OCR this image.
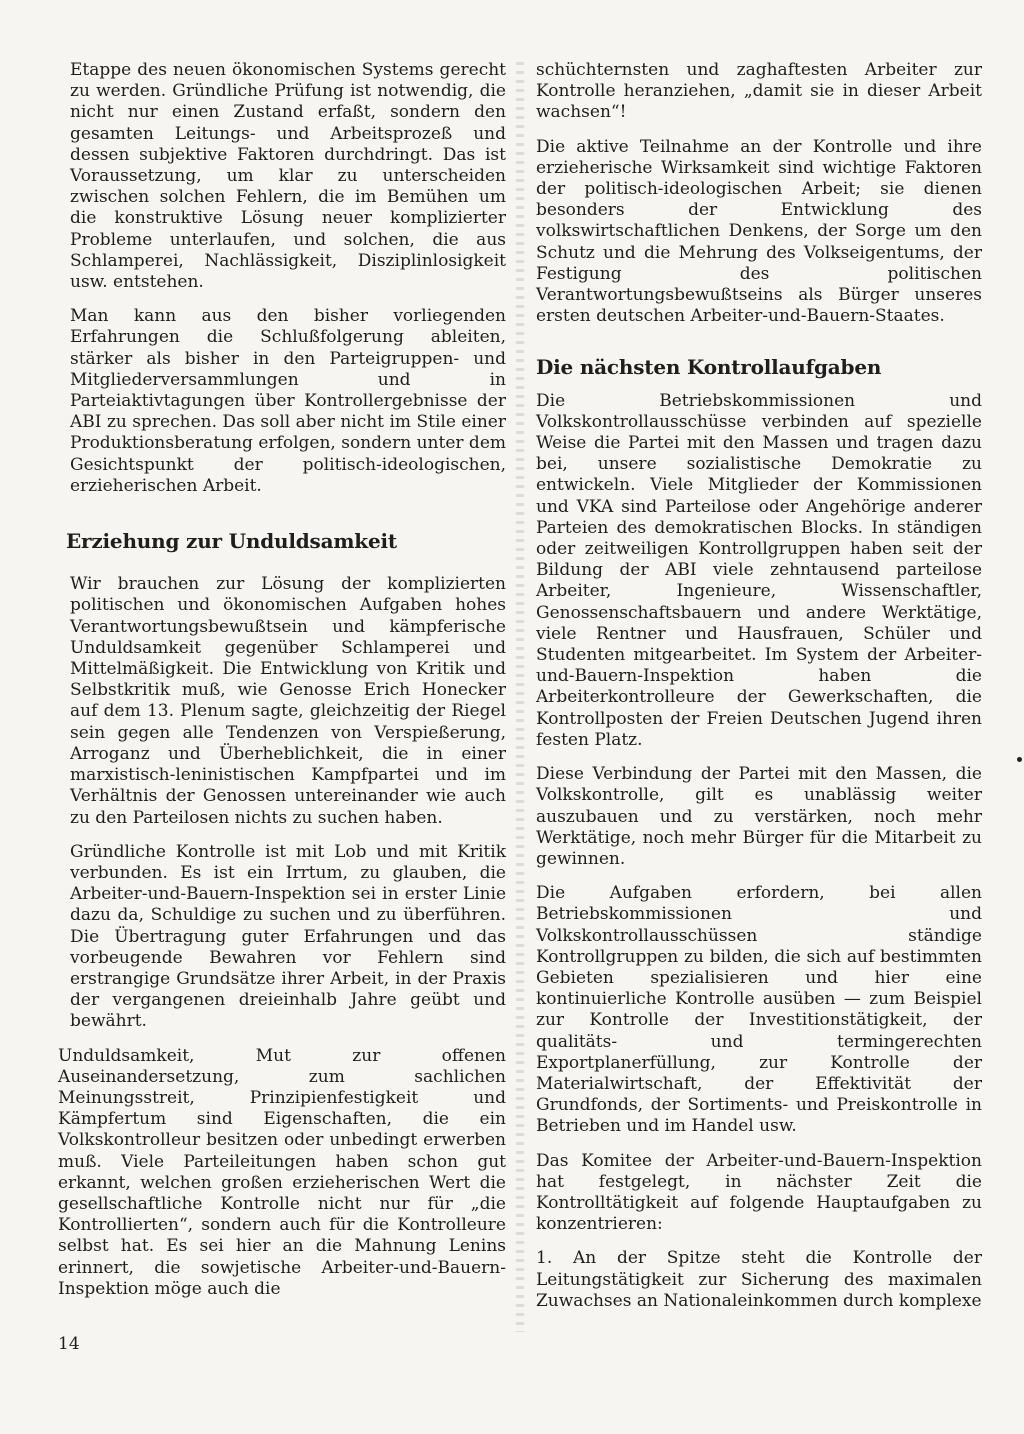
Etappe des neuen ökonomischen Systems gerecht zu werden. Gründliche Prüfung ist notwendig, die nicht nur einen Zustand erfaßt, sondern den gesamten Leitungs- und Arbeitsprozeß und dessen subjektive Faktoren durchdringt. Das ist Voraussetzung, um klar zu unterscheiden zwischen solchen Fehlern, die im Bemühen um die konstruktive Lösung neuer komplizierter Probleme unterlaufen, und solchen, die aus Schlamperei, Nachlässigkeit, Disziplinlosigkeit usw. entstehen.

Man kann aus den bisher vorliegenden Erfahrungen die Schlußfolgerung ableiten, stärker als bisher in den Parteigruppen- und Mitgliederversammlungen und in Parteiaktivtagungen über Kontrollergebnisse der ABI zu sprechen. Das soll aber nicht im Stile einer Produktionsberatung erfolgen, sondern unter dem Gesichtspunkt der politisch-ideologischen, erzieherischen Arbeit.

Erziehung zur Unduldsamkeit

Wir brauchen zur Lösung der komplizierten politischen und ökonomischen Aufgaben hohes Verantwortungsbewußtsein und kämpferische Unduldsamkeit gegenüber Schlamperei und Mittelmäßigkeit. Die Entwicklung von Kritik und Selbstkritik muß, wie Genosse Erich Honecker auf dem 13. Plenum sagte, gleichzeitig der Riegel sein gegen alle Tendenzen von Verspießerung, Arroganz und Überheblichkeit, die in einer marxistisch-leninistischen Kampfpartei und im Verhältnis der Genossen untereinander wie auch zu den Parteilosen nichts zu suchen haben.

Gründliche Kontrolle ist mit Lob und mit Kritik verbunden. Es ist ein Irrtum, zu glauben, die Arbeiter-und-Bauern-Inspektion sei in erster Linie dazu da, Schuldige zu suchen und zu überführen. Die Übertragung guter Erfahrungen und das vorbeugende Bewahren vor Fehlern sind erstrangige Grundsätze ihrer Arbeit, in der Praxis der vergangenen dreieinhalb Jahre geübt und bewährt.

Unduldsamkeit, Mut zur offenen Auseinandersetzung, zum sachlichen Meinungsstreit, Prinzipienfestigkeit und Kämpfertum sind Eigenschaften, die ein Volkskontrolleur besitzen oder unbedingt erwerben muß. Viele Parteileitungen haben schon gut erkannt, welchen großen erzieherischen Wert die gesellschaftliche Kontrolle nicht nur für „die Kontrollierten“, sondern auch für die Kontrolleure selbst hat. Es sei hier an die Mahnung Lenins erinnert, die sowjetische Arbeiter-und-Bauern-Inspektion möge auch die

schüchternsten und zaghaftesten Arbeiter zur Kontrolle heranziehen, „damit sie in dieser Arbeit wachsen“!

Die aktive Teilnahme an der Kontrolle und ihre erzieherische Wirksamkeit sind wichtige Faktoren der politisch-ideologischen Arbeit; sie dienen besonders der Entwicklung des volkswirtschaftlichen Denkens, der Sorge um den Schutz und die Mehrung des Volkseigentums, der Festigung des politischen Verantwortungsbewußtseins als Bürger unseres ersten deutschen Arbeiter-und-Bauern-Staates.

Die nächsten Kontrollaufgaben

Die Betriebskommissionen und Volkskontrollausschüsse verbinden auf spezielle Weise die Partei mit den Massen und tragen dazu bei, unsere sozialistische Demokratie zu entwickeln. Viele Mitglieder der Kommissionen und VKA sind Parteilose oder Angehörige anderer Parteien des demokratischen Blocks. In ständigen oder zeitweiligen Kontrollgruppen haben seit der Bildung der ABI viele zehntausend parteilose Arbeiter, Ingenieure, Wissenschaftler, Genossenschaftsbauern und andere Werktätige, viele Rentner und Hausfrauen, Schüler und Studenten mitgearbeitet. Im System der Arbeiter-und-Bauern-Inspektion haben die Arbeiterkontrolleure der Gewerkschaften, die Kontrollposten der Freien Deutschen Jugend ihren festen Platz.

Diese Verbindung der Partei mit den Massen, die Volkskontrolle, gilt es unablässig weiter auszubauen und zu verstärken, noch mehr Werktätige, noch mehr Bürger für die Mitarbeit zu gewinnen.

Die Aufgaben erfordern, bei allen Betriebskommissionen und Volkskontrollausschüssen ständige Kontrollgruppen zu bilden, die sich auf bestimmten Gebieten spezialisieren und hier eine kontinuierliche Kontrolle ausüben — zum Beispiel zur Kontrolle der Investitionstätigkeit, der qualitäts- und termingerechten Exportplanerfüllung, zur Kontrolle der Materialwirtschaft, der Effektivität der Grundfonds, der Sortiments- und Preiskontrolle in Betrieben und im Handel usw.

Das Komitee der Arbeiter-und-Bauern-Inspektion hat festgelegt, in nächster Zeit die Kontrolltätigkeit auf folgende Hauptaufgaben zu konzentrieren:

1. An der Spitze steht die Kontrolle der Leitungstätigkeit zur Sicherung des maximalen Zuwachses an Nationaleinkommen durch komplexe

14
